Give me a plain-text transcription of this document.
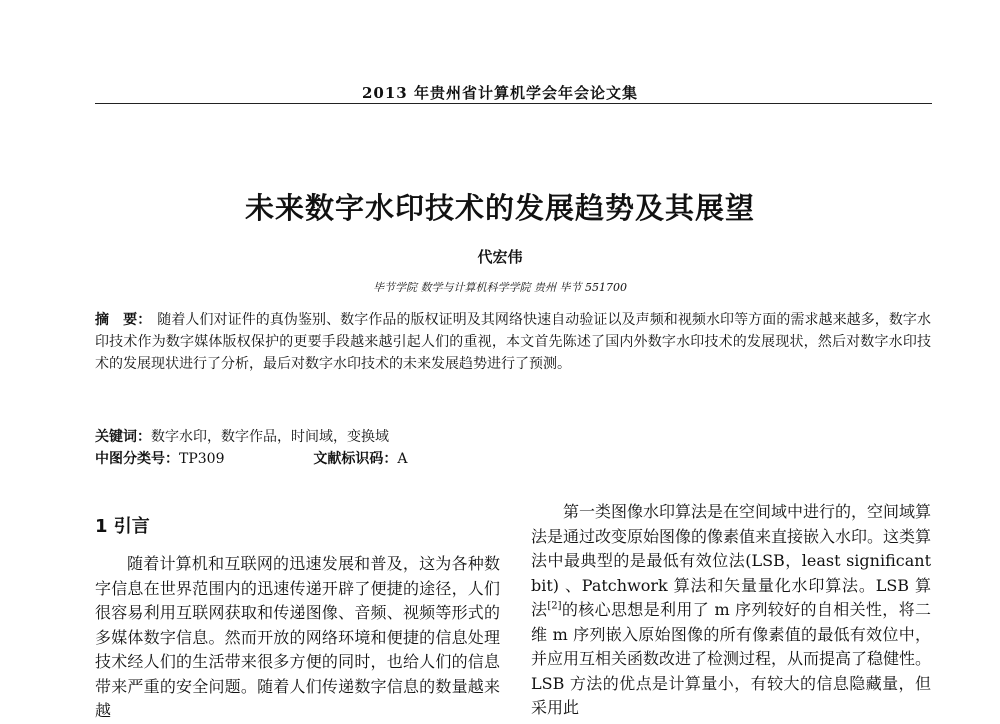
2013 年贵州省计算机学会年会论文集
未来数字水印技术的发展趋势及其展望
代宏伟
毕节学院 数学与计算机科学学院 贵州 毕节 551700
摘　要： 随着人们对证件的真伪鉴别、数字作品的版权证明及其网络快速自动验证以及声频和视频水印等方面的需求越来越多，数字水印技术作为数字媒体版权保护的更要手段越来越引起人们的重视，本文首先陈述了国内外数字水印技术的发展现状，然后对数字水印技术的发展现状进行了分析，最后对数字水印技术的未来发展趋势进行了预测。
关键词：数字水印，数字作品，时间域，变换域
中图分类号：TP309	文献标识码：A
1 引言

随着计算机和互联网的迅速发展和普及，这为各种数字信息在世界范围内的迅速传递开辟了便捷的途径，人们很容易利用互联网获取和传递图像、音频、视频等形式的多媒体数字信息。然而开放的网络环境和便捷的信息处理技术经人们的生活带来很多方便的同时，也给人们的信息带来严重的安全问题。随着人们传递数字信息的数量越来越

第一类图像水印算法是在空间域中进行的，空间域算法是通过改变原始图像的像素值来直接嵌入水印。这类算法中最典型的是最低有效位法(LSB，least significant bit) 、Patchwork 算法和矢量量化水印算法。LSB 算法[2]的核心思想是利用了 m 序列较好的自相关性，将二维 m 序列嵌入原始图像的所有像素值的最低有效位中，并应用互相关函数改进了检测过程，从而提高了稳健性。LSB 方法的优点是计算量小，有较大的信息隐藏量，但采用此
